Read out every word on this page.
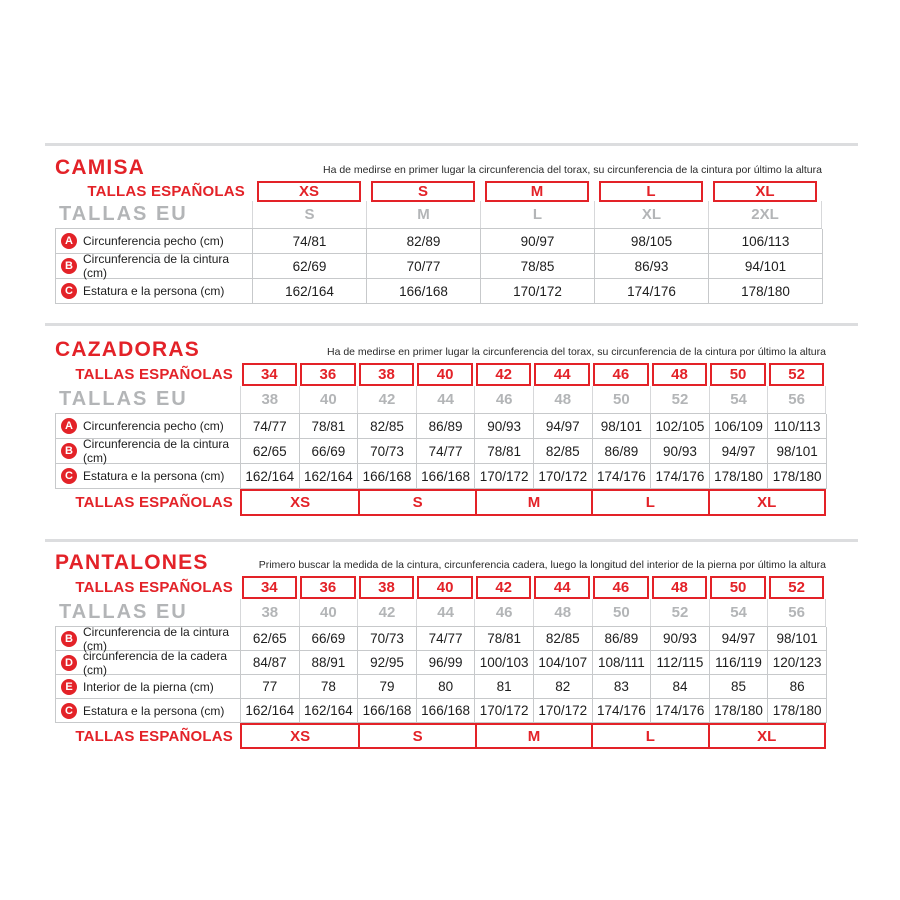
CAMISA	Ha de medirse en primer lugar la circunferencia del torax, su circunferencia de la cintura por último la altura
TALLAS ESPAÑOLAS	XS	S	M	L	XL
TALLAS EU	S	M	L	XL	2XL
A Circunferencia pecho (cm)	74/81	82/89	90/97	98/105	106/113
B Circunferencia de la cintura (cm)	62/69	70/77	78/85	86/93	94/101
C Estatura e la persona (cm)	162/164	166/168	170/172	174/176	178/180
CAZADORAS	Ha de medirse en primer lugar la circunferencia del torax, su circunferencia de la cintura por último la altura
TALLAS ESPAÑOLAS	34	36	38	40	42	44	46	48	50	52
TALLAS EU	38	40	42	44	46	48	50	52	54	56
A Circunferencia pecho (cm)	74/77	78/81	82/85	86/89	90/93	94/97	98/101	102/105 106/109 110/113
B Circunferencia de la cintura (cm)	62/65	66/69	70/73	74/77	78/81	82/85	86/89	90/93	94/97	98/101
C Estatura e la persona (cm)	162/164 162/164 166/168 166/168 170/172 170/172 174/176 174/176 178/180 178/180
TALLAS ESPAÑOLAS	XS	S	M	L	XL
PANTALONES	Primero buscar la medida de la cintura, circunferencia cadera, luego la longitud del interior de la pierna por último la altura
TALLAS ESPAÑOLAS	34	36	38	40	42	44	46	48	50	52
TALLAS EU	38	40	42	44	46	48	50	52	54	56
B Circunferencia de la cintura (cm)	62/65	66/69	70/73	74/77	78/81	82/85	86/89	90/93	94/97	98/101
D circunferencia de la cadera (cm)	84/87	88/91	92/95	96/99	100/103 104/107 108/111 112/115 116/119 120/123
E Interior de la pierna (cm)	77	78	79	80	81	82	83	84	85	86
C Estatura e la persona (cm)	162/164 162/164 166/168 166/168 170/172 170/172 174/176 174/176 178/180 178/180
TALLAS ESPAÑOLAS	XS	S	M	L	XL
